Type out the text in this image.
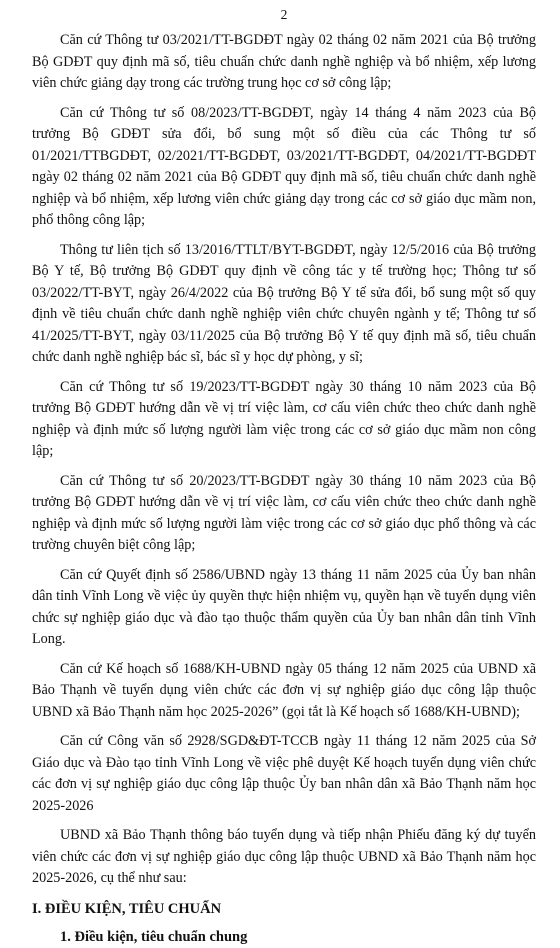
2

Căn cứ Thông tư 03/2021/TT-BGDĐT ngày 02 tháng 02 năm 2021 của Bộ trưởng Bộ GDĐT quy định mã số, tiêu chuẩn chức danh nghề nghiệp và bổ nhiệm, xếp lương viên chức giảng dạy trong các trường trung học cơ sở công lập;

Căn cứ Thông tư số 08/2023/TT-BGDĐT, ngày 14 tháng 4 năm 2023 của Bộ trưởng Bộ GDĐT sửa đổi, bổ sung một số điều của các Thông tư số 01/2021/TTBGDĐT, 02/2021/TT-BGDĐT, 03/2021/TT-BGDĐT, 04/2021/TT-BGDĐT ngày 02 tháng 02 năm 2021 của Bộ GDĐT quy định mã số, tiêu chuẩn chức danh nghề nghiệp và bổ nhiệm, xếp lương viên chức giảng dạy trong các cơ sở giáo dục mầm non, phổ thông công lập;

Thông tư liên tịch số 13/2016/TTLT/BYT-BGDĐT, ngày 12/5/2016 của Bộ trưởng Bộ Y tế, Bộ trưởng Bộ GDĐT quy định về công tác y tế trường học; Thông tư số 03/2022/TT-BYT, ngày 26/4/2022 của Bộ trưởng Bộ Y tế sửa đổi, bổ sung một số quy định về tiêu chuẩn chức danh nghề nghiệp viên chức chuyên ngành y tế; Thông tư số 41/2025/TT-BYT, ngày 03/11/2025 của Bộ trưởng Bộ Y tế quy định mã số, tiêu chuẩn chức danh nghề nghiệp bác sĩ, bác sĩ y học dự phòng, y sĩ;

Căn cứ Thông tư số 19/2023/TT-BGDĐT ngày 30 tháng 10 năm 2023 của Bộ trưởng Bộ GDĐT hướng dẫn về vị trí việc làm, cơ cấu viên chức theo chức danh nghề nghiệp và định mức số lượng người làm việc trong các cơ sở giáo dục mầm non công lập;

Căn cứ Thông tư số 20/2023/TT-BGDĐT ngày 30 tháng 10 năm 2023 của Bộ trưởng Bộ GDĐT hướng dẫn về vị trí việc làm, cơ cấu viên chức theo chức danh nghề nghiệp và định mức số lượng người làm việc trong các cơ sở giáo dục phổ thông và các trường chuyên biệt công lập;

Căn cứ Quyết định số 2586/UBND ngày 13 tháng 11 năm 2025 của Ủy ban nhân dân tỉnh Vĩnh Long về việc ủy quyền thực hiện nhiệm vụ, quyền hạn về tuyển dụng viên chức sự nghiệp giáo dục và đào tạo thuộc thẩm quyền của Ủy ban nhân dân tỉnh Vĩnh Long.

Căn cứ Kế hoạch số 1688/KH-UBND ngày 05 tháng 12 năm 2025 của UBND xã Bảo Thạnh về tuyển dụng viên chức các đơn vị sự nghiệp giáo dục công lập thuộc UBND xã Bảo Thạnh năm học 2025-2026” (gọi tắt là Kế hoạch số 1688/KH-UBND);

Căn cứ Công văn số 2928/SGD&ĐT-TCCB ngày 11 tháng 12 năm 2025 của Sở Giáo dục và Đào tạo tỉnh Vĩnh Long về việc phê duyệt Kế hoạch tuyển dụng viên chức các đơn vị sự nghiệp giáo dục công lập thuộc Ủy ban nhân dân xã Bảo Thạnh năm học 2025-2026

UBND xã Bảo Thạnh thông báo tuyển dụng và tiếp nhận Phiếu đăng ký dự tuyển viên chức các đơn vị sự nghiệp giáo dục công lập thuộc UBND xã Bảo Thạnh năm học 2025-2026, cụ thể như sau:

I. ĐIỀU KIỆN, TIÊU CHUẨN
1. Điều kiện, tiêu chuẩn chung
